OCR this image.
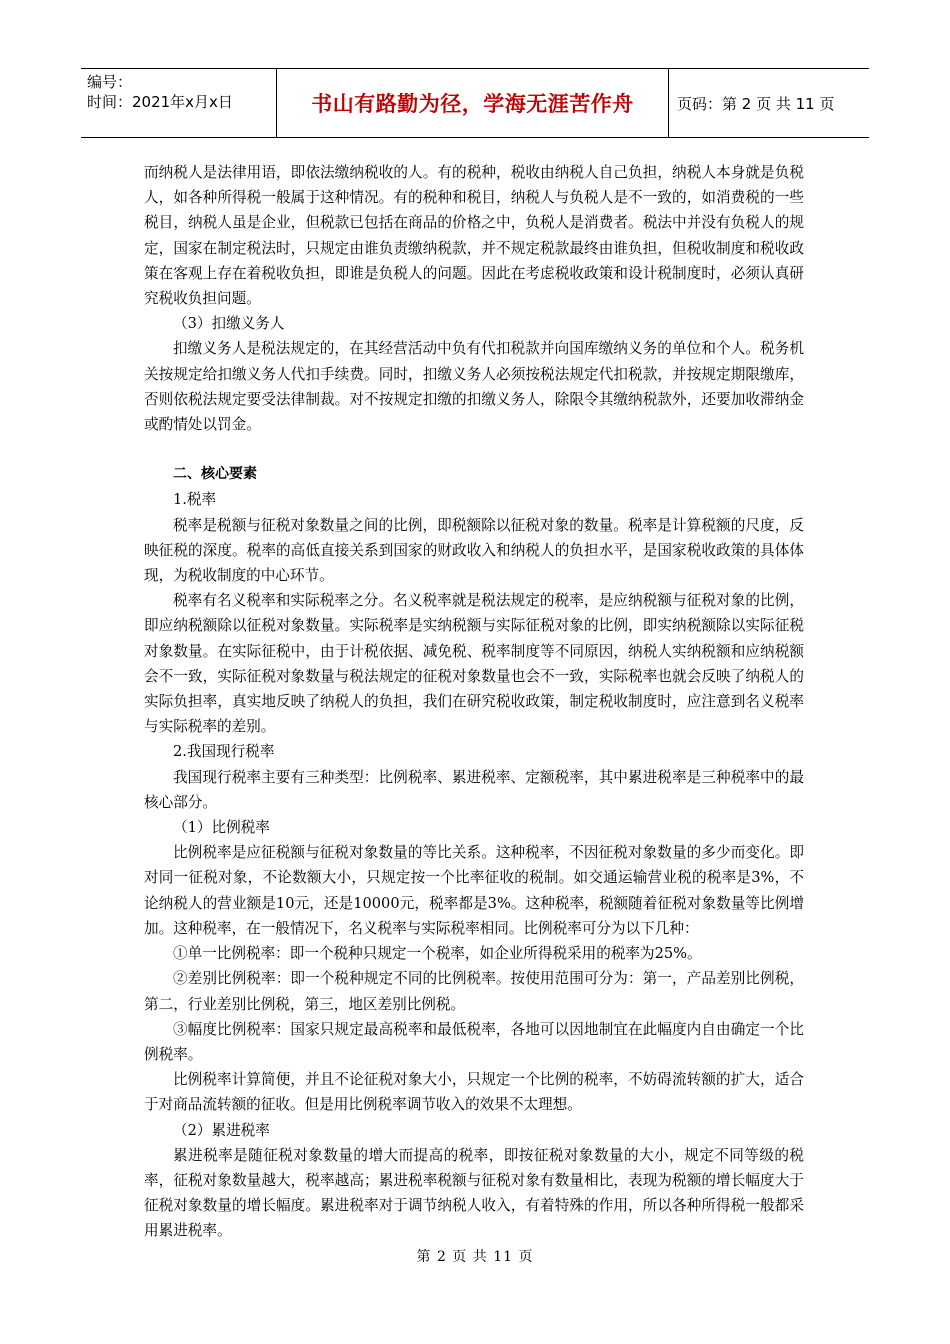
编号：
时间：2021年x月x日	书山有路勤为径，学海无涯苦作舟	页码：第 2 页 共 11 页

而纳税人是法律用语，即依法缴纳税收的人。有的税种，税收由纳税人自己负担，纳税人本身就是负税人，如各种所得税一般属于这种情况。有的税种和税目，纳税人与负税人是不一致的，如消费税的一些税目，纳税人虽是企业，但税款已包括在商品的价格之中，负税人是消费者。税法中并没有负税人的规定，国家在制定税法时，只规定由谁负责缴纳税款，并不规定税款最终由谁负担，但税收制度和税收政策在客观上存在着税收负担，即谁是负税人的问题。因此在考虑税收政策和设计税制度时，必须认真研究税收负担问题。

（3）扣缴义务人

扣缴义务人是税法规定的，在其经营活动中负有代扣税款并向国库缴纳义务的单位和个人。税务机关按规定给扣缴义务人代扣手续费。同时，扣缴义务人必须按税法规定代扣税款，并按规定期限缴库，否则依税法规定要受法律制裁。对不按规定扣缴的扣缴义务人，除限令其缴纳税款外，还要加收滞纳金或酌情处以罚金。

二、核心要素

1.税率

税率是税额与征税对象数量之间的比例，即税额除以征税对象的数量。税率是计算税额的尺度，反映征税的深度。税率的高低直接关系到国家的财政收入和纳税人的负担水平，是国家税收政策的具体体现，为税收制度的中心环节。

税率有名义税率和实际税率之分。名义税率就是税法规定的税率，是应纳税额与征税对象的比例，即应纳税额除以征税对象数量。实际税率是实纳税额与实际征税对象的比例，即实纳税额除以实际征税对象数量。在实际征税中，由于计税依据、减免税、税率制度等不同原因，纳税人实纳税额和应纳税额会不一致，实际征税对象数量与税法规定的征税对象数量也会不一致，实际税率也就会反映了纳税人的实际负担率，真实地反映了纳税人的负担，我们在研究税收政策，制定税收制度时，应注意到名义税率与实际税率的差别。

2.我国现行税率

我国现行税率主要有三种类型：比例税率、累进税率、定额税率，其中累进税率是三种税率中的最核心部分。

（1）比例税率

比例税率是应征税额与征税对象数量的等比关系。这种税率，不因征税对象数量的多少而变化。即对同一征税对象，不论数额大小，只规定按一个比率征收的税制。如交通运输营业税的税率是3%，不论纳税人的营业额是10元，还是10000元，税率都是3%。这种税率，税额随着征税对象数量等比例增加。这种税率，在一般情况下，名义税率与实际税率相同。比例税率可分为以下几种：

①单一比例税率：即一个税种只规定一个税率，如企业所得税采用的税率为25%。

②差别比例税率：即一个税种规定不同的比例税率。按使用范围可分为：第一，产品差别比例税，第二，行业差别比例税，第三，地区差别比例税。

③幅度比例税率：国家只规定最高税率和最低税率，各地可以因地制宜在此幅度内自由确定一个比例税率。

比例税率计算简便，并且不论征税对象大小，只规定一个比例的税率，不妨碍流转额的扩大，适合于对商品流转额的征收。但是用比例税率调节收入的效果不太理想。

（2）累进税率

累进税率是随征税对象数量的增大而提高的税率，即按征税对象数量的大小，规定不同等级的税率，征税对象数量越大，税率越高；累进税率税额与征税对象有数量相比，表现为税额的增长幅度大于征税对象数量的增长幅度。累进税率对于调节纳税人收入，有着特殊的作用，所以各种所得税一般都采用累进税率。

第 2 页 共 11 页
